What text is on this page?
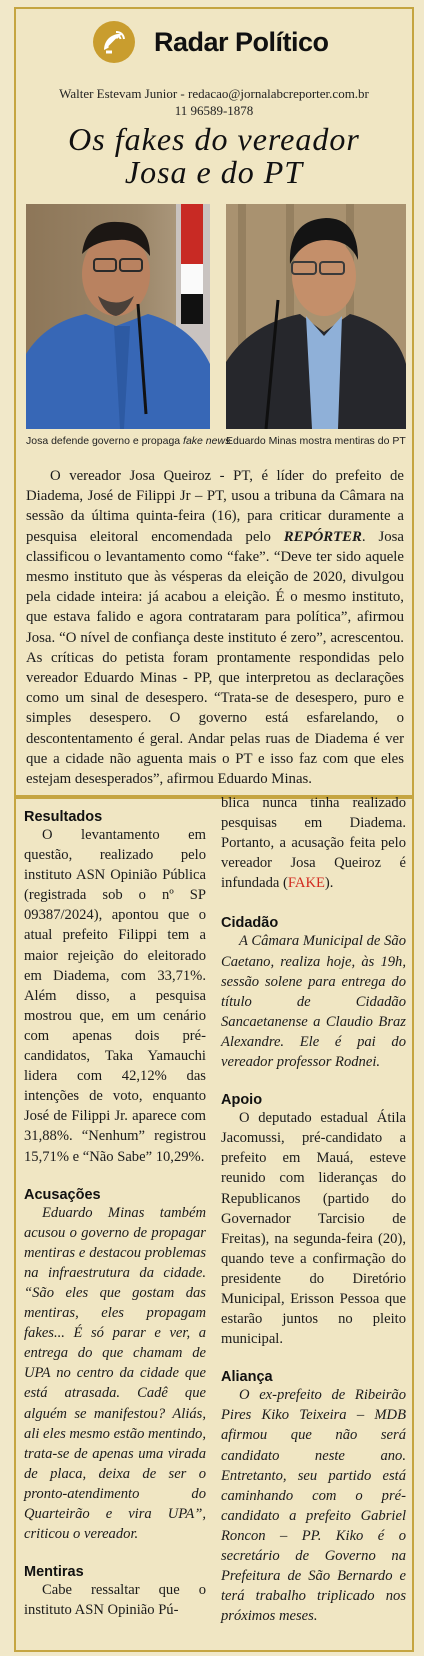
Radar Político
Walter Estevam Junior - redacao@jornalabcreporter.com.br
11 96589-1878
Os fakes do vereador
Josa e do PT
Josa defende governo e propaga fake news
Eduardo Minas mostra mentiras do PT
O vereador Josa Queiroz - PT, é líder do prefeito de Diadema, José de Filippi Jr – PT, usou a tribuna da Câmara na sessão da última quinta-feira (16), para criticar duramente a pesquisa eleitoral encomendada pelo REPÓRTER. Josa classificou o levantamento como “fake”. “Deve ter sido aquele mesmo instituto que às vésperas da eleição de 2020, divulgou pela cidade inteira: já acabou a eleição. É o mesmo instituto, que estava falido e agora contrataram para política”, afirmou Josa. “O nível de confiança deste instituto é zero”, acrescentou. As críticas do petista foram prontamente respondidas pelo vereador Eduardo Minas - PP, que interpretou as declarações como um sinal de desespero. “Trata-se de desespero, puro e simples desespero. O governo está esfarelando, o descontentamento é geral. Andar pelas ruas de Diadema é ver que a cidade não aguenta mais o PT e isso faz com que eles estejam desesperados”, afirmou Eduardo Minas.
Resultados

O levantamento em questão, realizado pelo instituto ASN Opinião Pública (registrada sob o nº SP 09387/2024), apontou que o atual prefeito Filippi tem a maior rejeição do eleitorado em Diadema, com 33,71%. Além disso, a pesquisa mostrou que, em um cenário com apenas dois pré-candidatos, Taka Yamauchi lidera com 42,12% das intenções de voto, enquanto José de Filippi Jr. aparece com 31,88%. “Nenhum” registrou 15,71% e “Não Sabe” 10,29%.

Acusações

Eduardo Minas também acusou o governo de propagar mentiras e destacou problemas na infraestrutura da cidade. “São eles que gostam das mentiras, eles propagam fakes... É só parar e ver, a entrega do que chamam de UPA no centro da cidade que está atrasada. Cadê que alguém se manifestou? Aliás, ali eles mesmo estão mentindo, trata-se de apenas uma virada de placa, deixa de ser o pronto-atendimento do Quarteirão e vira UPA”, criticou o vereador.

Mentiras

Cabe ressaltar que o instituto ASN Opinião Pú-

blica nunca tinha realizado pesquisas em Diadema. Portanto, a acusação feita pelo vereador Josa Queiroz é infundada (FAKE).

Cidadão

A Câmara Municipal de São Caetano, realiza hoje, às 19h, sessão solene para entrega do título de Cidadão Sancaetanense a Claudio Braz Alexandre. Ele é pai do vereador professor Rodnei.

Apoio

O deputado estadual Átila Jacomussi, pré-candidato a prefeito em Mauá, esteve reunido com lideranças do Republicanos (partido do Governador Tarcisio de Freitas), na segunda-feira (20), quando teve a confirmação do presidente do Diretório Municipal, Erisson Pessoa que estarão juntos no pleito municipal.

Aliança

O ex-prefeito de Ribeirão Pires Kiko Teixeira – MDB afirmou que não será candidato neste ano. Entretanto, seu partido está caminhando com o pré-candidato a prefeito Gabriel Roncon – PP. Kiko é o secretário de Governo na Prefeitura de São Bernardo e terá trabalho triplicado nos próximos meses.
